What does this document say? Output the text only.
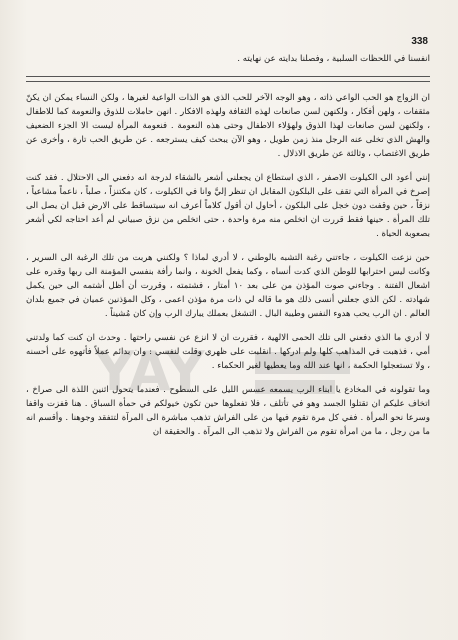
338
YAY

انفسنا في اللحظات السلبية ، وفصلنا بدايته عن نهايته .

ان الزواج هو الحب الواعي ذاته ، وهو الوجه الآخر للحب الذي هو الذات الواعية لغيرها ، ولكن النساء يمكن ان يكنّ مثقفات ، ولهن أفكار ، ولكنهن لسن صانعات لهذه الثقافة ولهذه الافكار . انهن حاملات للذوق والنعومة كما للاطفال ، ولكنهن لسن صانعات لهذا الذوق ولهؤلاء الاطفال وحتى هذه النعومة . فنعومة المرأة ليست الا الجزء الضعيف والهش الذي تخلى عنه الرجل منذ زمن طويل ، وهو الآن يبحث كيف يسترجعه . عن طريق الحب تارة ، وأخرى عن طريق الاغتصاب ، وثالثة عن طريق الاذلال .

إنني أعود الى الكيلوت الاصفر ، الذي استطاع ان يجعلني أشعر بالشقاء لدرجة انه دفعني الى الاحتلال . فقد كنت إصرخ في المرأة التي تقف على البلكون المقابل ان تنظر إليَّ وانا في الكيلوت ، كان مكتنزاً ، صلباً ، ناعماً مشاعياً ، نزقاً ، حين وقفت دون خجل على البلكون ، أحاول ان أقول كلاماً أعرف انه سيتساقط على الارض قبل ان يصل الى تلك المرأة . حينها فقط قررت ان اتخلص منه مرة واحدة ، حتى اتخلص من نزق صبياني لم أعد احتاجه لكي أشعر بصعوبة الحياة .

حين نزعت الكيلوت ، جاءتني رغبة التشبه بالوطني ، لا أدري لماذا ؟ ولكنني هربت من تلك الرغبة الى السرير ، وكانت ليس احترابها للوطن الذي كدت أنساه ، وكما يفعل الخونة ، وانما رأفة بنفسي المؤمنة الى ربها وقدره على اشعال الفتنة . وجاءني صوت المؤذن من على بعد ١٠ أمتار ، فشتمته ، وقررت أن أظل أشتمه الى حين يكمل شهادته . لكن الذي جعلني أنسى ذلك هو ما قاله لي ذات مرة مؤذن اعمى ، وكل المؤذنين عميان في جميع بلدان العالم . ان الرب يحب هدوء النفس وطيبة البال . التشغل بعملك يبارك الرب وإن كان مُشيناً .

لا أدري ما الذي دفعني الى تلك الحمى الالهية ، فقررت ان لا انزع عن نفسي راحتها . وحدث ان كنت كما ولدتني أمي ، فذهبت في المذاهب كلها ولم ادركها . انقلبت على ظهري وقلت لنفسي : وان بدائم عملاً فأتهوه على أحسنه ، ولا تستعجلوا الحكمة ، انها عند الله وما يعطيها لغير الحكماء .

وما تقولونه في المخادع يا ابناء الرب يسمعه عسس الليل على السطوح . فعندما يتحول اثنين اللذة الى صراخ ، اتخاف عليكم ان تقتلوا الجسد وهو في تأتلف ، فلا تفعلوها حين تكون خيولكم في حمأة السباق . هنا قفزت واقفا وسرعا نحو المرأة . ففي كل مرة تقوم فيها من على الفراش تذهب مباشرة الى المرآة لتتفقد وجوهنا . وأقسم انه ما من رجل ، ما من امرأة تقوم من الفراش ولا تذهب الى المرآة . والحقيقة ان
